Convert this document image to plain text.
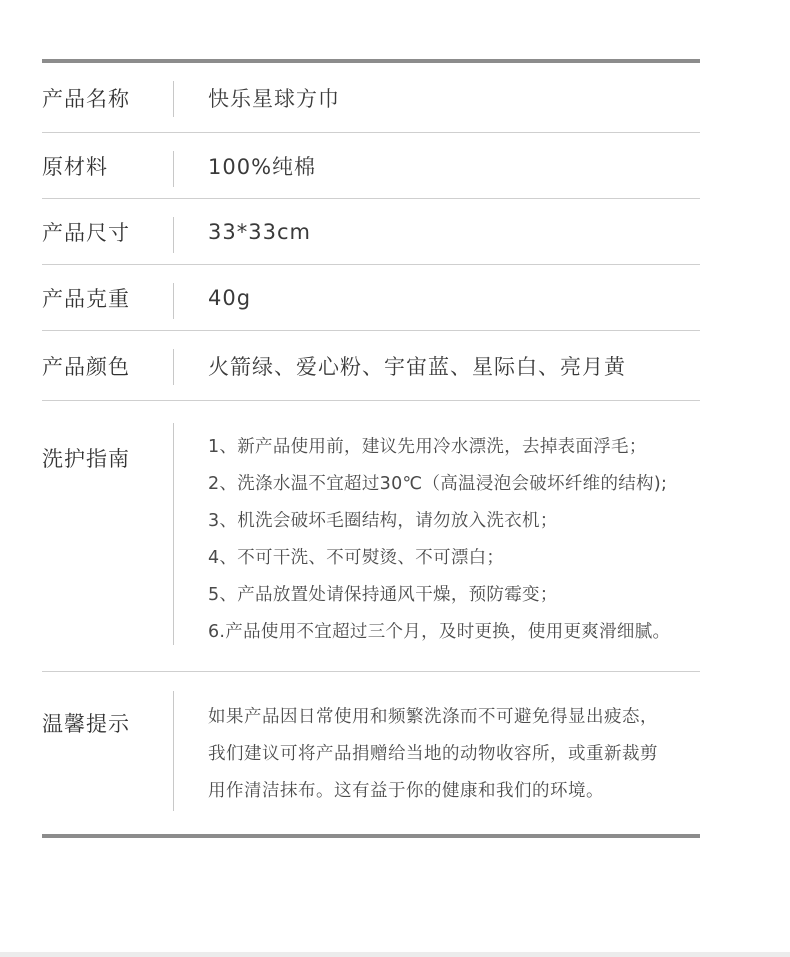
产品名称	快乐星球方巾
原材料	100%纯棉
产品尺寸	33*33cm
产品克重	40g
产品颜色	火箭绿、爱心粉、宇宙蓝、星际白、亮月黄
洗护指南	1、新产品使用前，建议先用冷水漂洗，去掉表面浮毛；
2、洗涤水温不宜超过30℃（高温浸泡会破坏纤维的结构);
3、机洗会破坏毛圈结构，请勿放入洗衣机；
4、不可干洗、不可熨烫、不可漂白；
5、产品放置处请保持通风干燥，预防霉变；
6.产品使用不宜超过三个月，及时更换，使用更爽滑细腻。
温馨提示	如果产品因日常使用和频繁洗涤而不可避免得显出疲态，
我们建议可将产品捐赠给当地的动物收容所，或重新裁剪
用作清洁抹布。这有益于你的健康和我们的环境。
